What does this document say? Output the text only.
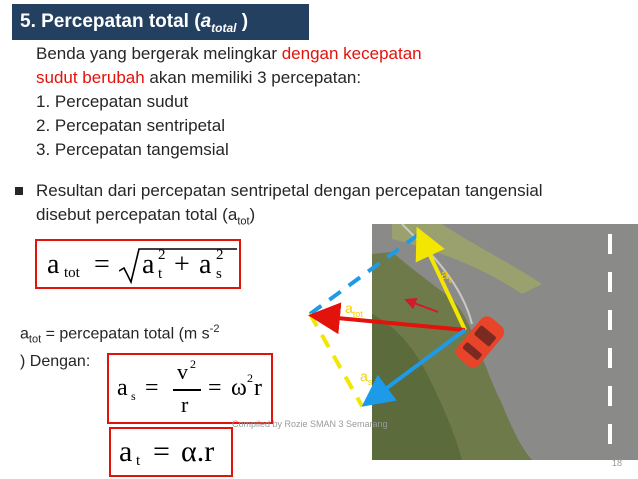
5. Percepatan total ($a_{total}$ )
Benda yang bergerak melingkar dengan kecepatan
sudut berubah akan memiliki 3 percepatan:
1. Percepatan sudut
2. Percepatan sentripetal
3. Percepatan tangemsial
Resultan dari percepatan sentripetal dengan percepatan tangensial disebut percepatan total $(a_{tot})$
a tot = a 2
t + a 2
s
$a_{tot}$ = percepatan total (m $s^{-2}$
) Dengan:
a s =
v 2
r
= ω 2 r
a t = α.r
$a_t$
$a_{tot}$
$a_s$
Compiled by Rozie SMAN 3 Semarang
18
